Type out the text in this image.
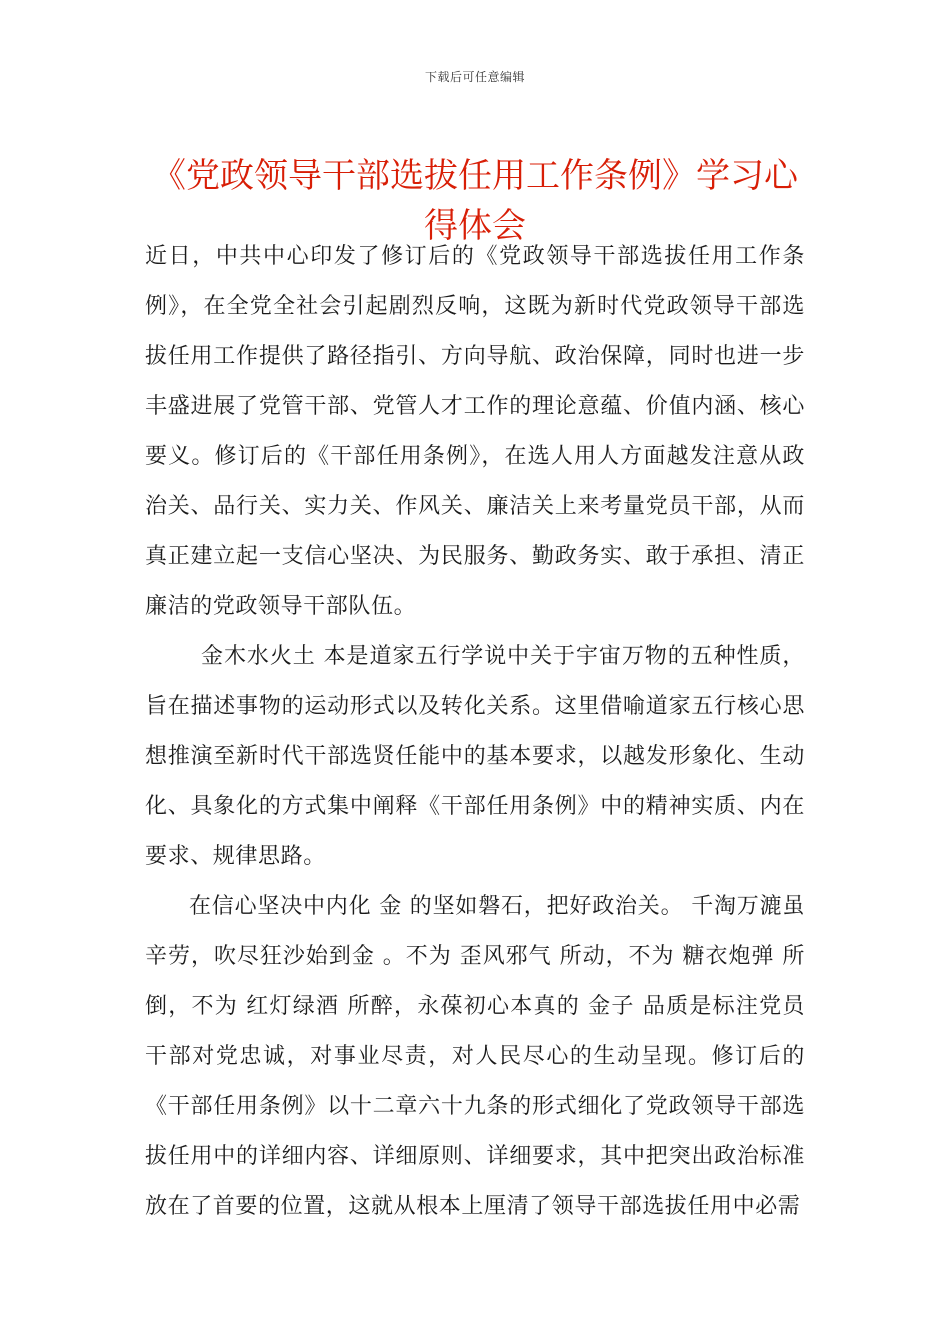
下载后可任意编辑
《党政领导干部选拔任用工作条例》学习心得体会

近日，中共中心印发了修订后的《党政领导干部选拔任用工作条例》，在全党全社会引起剧烈反响，这既为新时代党政领导干部选拔任用工作提供了路径指引、方向导航、政治保障，同时也进一步丰盛进展了党管干部、党管人才工作的理论意蕴、价值内涵、核心要义。修订后的《干部任用条例》，在选人用人方面越发注意从政治关、品行关、实力关、作风关、廉洁关上来考量党员干部，从而真正建立起一支信心坚决、为民服务、勤政务实、敢于承担、清正廉洁的党政领导干部队伍。

金木水火土 本是道家五行学说中关于宇宙万物的五种性质，旨在描述事物的运动形式以及转化关系。这里借喻道家五行核心思想推演至新时代干部选贤任能中的基本要求，以越发形象化、生动化、具象化的方式集中阐释《干部任用条例》中的精神实质、内在要求、规律思路。

在信心坚决中内化 金 的坚如磐石，把好政治关。 千淘万漉虽辛劳，吹尽狂沙始到金 。不为 歪风邪气 所动，不为 糖衣炮弹 所倒，不为 红灯绿酒 所醉，永葆初心本真的 金子 品质是标注党员干部对党忠诚，对事业尽责，对人民尽心的生动呈现。修订后的《干部任用条例》以十二章六十九条的形式细化了党政领导干部选拔任用中的详细内容、详细原则、详细要求，其中把突出政治标准放在了首要的位置，这就从根本上厘清了领导干部选拔任用中必需
